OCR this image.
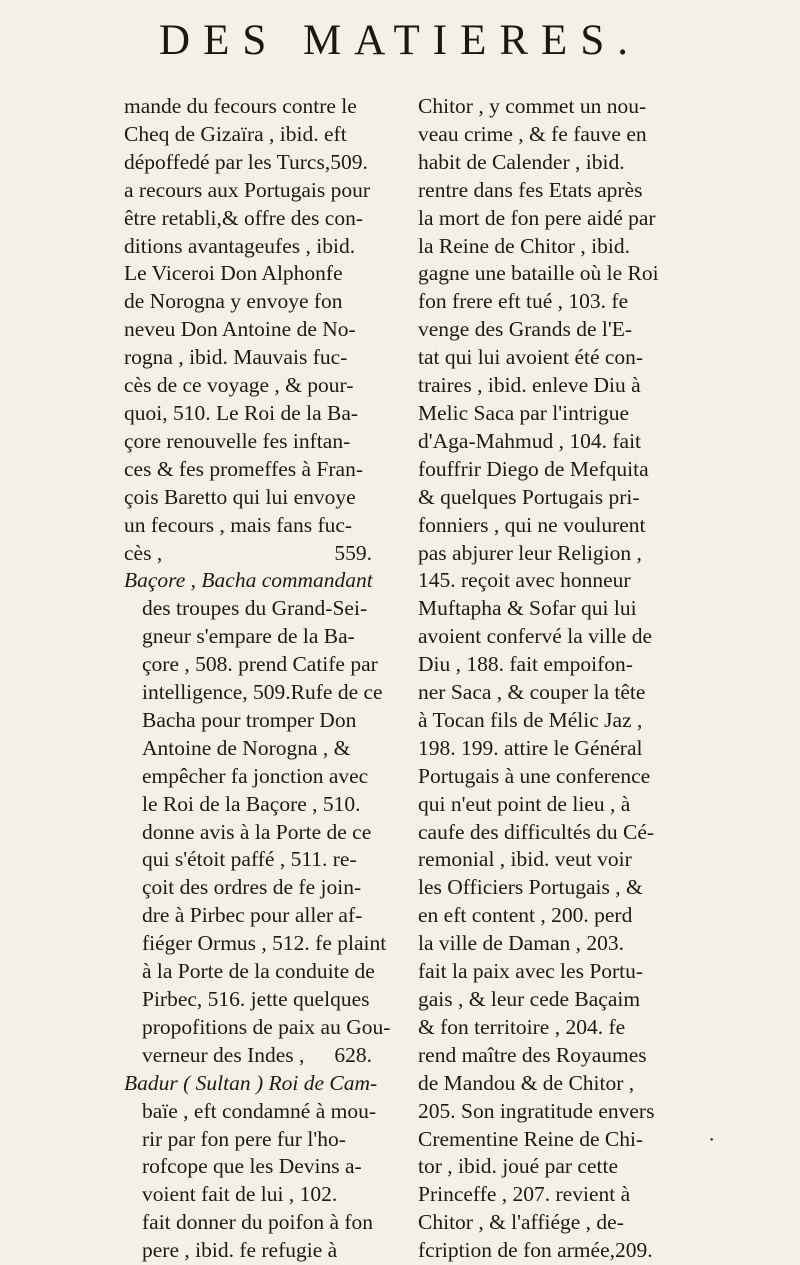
DES MATIERES.
mande du fecours contre le
Cheq de Gizaïra , ibid. eft
dépoffedé par les Turcs,509.
a recours aux Portugais pour
être retabli,& offre des con-
ditions avantageufes , ibid.
Le Viceroi Don Alphonfe
de Norogna y envoye fon
neveu Don Antoine de No-
rogna , ibid. Mauvais fuc-
cès de ce voyage , & pour-
quoi, 510. Le Roi de la Ba-
çore renouvelle fes inftan-
ces & fes promeffes à Fran-
çois Baretto qui lui envoye
un fecours , mais fans fuc-
cès ,	559.
Baçore , Bacha commandant
des troupes du Grand-Sei-
gneur s'empare de la Ba-
çore , 508. prend Catife par
intelligence, 509.Rufe de ce
Bacha pour tromper Don
Antoine de Norogna , &
empêcher fa jonction avec
le Roi de la Baçore , 510.
donne avis à la Porte de ce
qui s'étoit paffé , 511. re-
çoit des ordres de fe join-
dre à Pirbec pour aller af-
fiéger Ormus , 512. fe plaint
à la Porte de la conduite de
Pirbec, 516. jette quelques
propofitions de paix au Gou-
verneur des Indes , 628.
Badur ( Sultan ) Roi de Cam-
baïe , eft condamné à mou-
rir par fon pere fur l'ho-
rofcope que les Devins a-
voient fait de lui , 102.
fait donner du poifon à fon
pere , ibid. fe refugie à
Chitor , y commet un nou-
veau crime , & fe fauve en
habit de Calender , ibid.
rentre dans fes Etats après
la mort de fon pere aidé par
la Reine de Chitor , ibid.
gagne une bataille où le Roi
fon frere eft tué , 103. fe
venge des Grands de l'E-
tat qui lui avoient été con-
traires , ibid. enleve Diu à
Melic Saca par l'intrigue
d'Aga-Mahmud , 104. fait
fouffrir Diego de Mefquita
& quelques Portugais pri-
fonniers , qui ne voulurent
pas abjurer leur Religion ,
145. reçoit avec honneur
Muftapha & Sofar qui lui
avoient confervé la ville de
Diu , 188. fait empoifon-
ner Saca , & couper la tête
à Tocan fils de Mélic Jaz ,
198. 199. attire le Général
Portugais à une conference
qui n'eut point de lieu , à
caufe des difficultés du Cé-
remonial , ibid. veut voir
les Officiers Portugais , &
en eft content , 200. perd
la ville de Daman , 203.
fait la paix avec les Portu-
gais , & leur cede Baçaim
& fon territoire , 204. fe
rend maître des Royaumes
de Mandou & de Chitor ,
205. Son ingratitude envers
Crementine Reine de Chi-
tor , ibid. joué par cette
Princeffe , 207. revient à
Chitor , & l'affiége , de-
fcription de fon armée,209.
•
